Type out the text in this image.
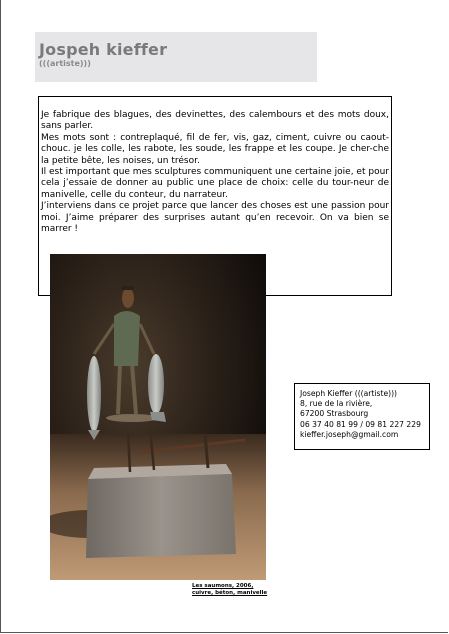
Jospeh kieffer
(((artiste)))

Je fabrique des blagues, des devinettes, des calembours et des mots doux, sans parler.

Mes mots sont : contreplaqué, fil de fer, vis, gaz, ciment, cuivre ou caout-chouc. je les colle, les rabote, les soude, les frappe et les coupe. Je cher-che la petite bête, les noises, un trésor.

Il est important que mes sculptures communiquent une certaine joie, et pour cela j’essaie de donner au public une place de choix: celle du tour-neur de manivelle, celle du conteur, du narrateur.

J’interviens dans ce projet parce que lancer des choses est une passion pour moi. J’aime préparer des surprises autant qu’en recevoir. On va bien se marrer !

Les saumons, 2006,
cuivre, béton, manivelle
Joseph Kieffer (((artiste)))
8, rue de la rivière,
67200 Strasbourg
06 37 40 81 99 / 09 81 227 229
kieffer.joseph@gmail.com
